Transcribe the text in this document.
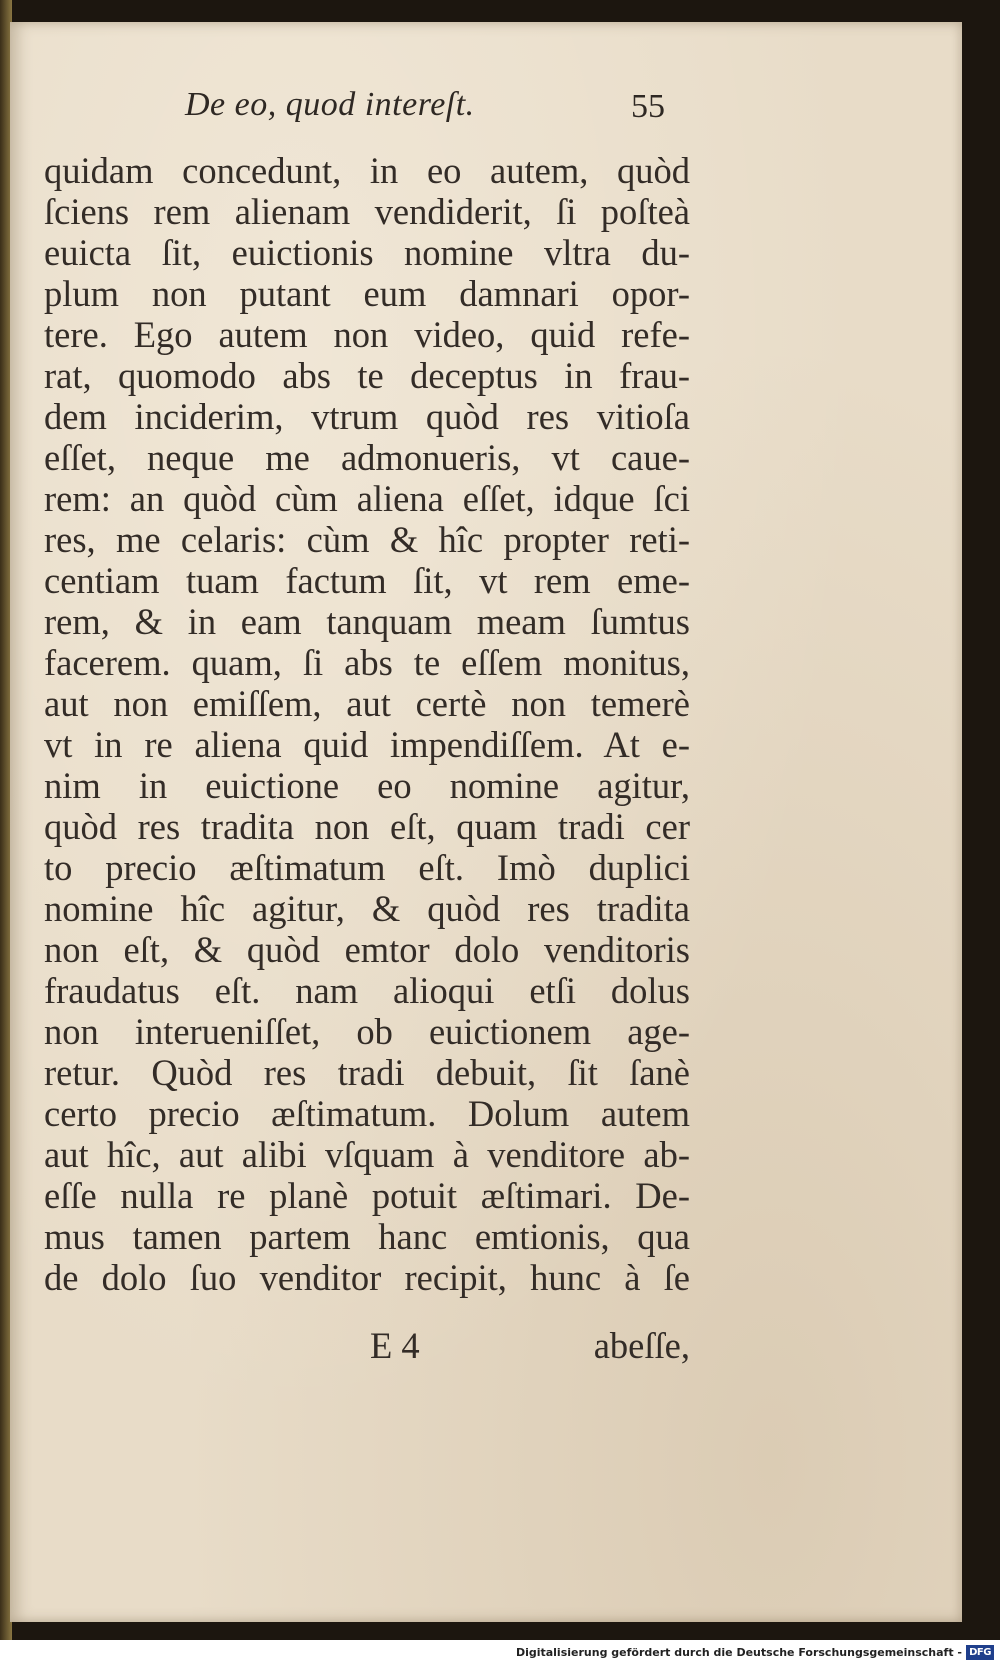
De eo, quod intereſt.	55
quidam concedunt, in eo autem, quòd
ſciens rem alienam vendiderit, ſi poſteà
euicta ſit, euictionis nomine vltra du-
plum non putant eum damnari opor-
tere. Ego autem non video, quid refe-
rat, quomodo abs te deceptus in frau-
dem inciderim, vtrum quòd res vitioſa
eſſet, neque me admonueris, vt caue-
rem: an quòd cùm aliena eſſet, idque ſci
res, me celaris: cùm & hîc propter reti-
centiam tuam factum ſit, vt rem eme-
rem, & in eam tanquam meam ſumtus
facerem. quam, ſi abs te eſſem monitus,
aut non emiſſem, aut certè non temerè
vt in re aliena quid impendiſſem. At e-
nim in euictione eo nomine agitur,
quòd res tradita non eſt, quam tradi cer
to precio æſtimatum eſt. Imò duplici
nomine hîc agitur, & quòd res tradita
non eſt, & quòd emtor dolo venditoris
fraudatus eſt. nam alioqui etſi dolus
non interueniſſet, ob euictionem age-
retur. Quòd res tradi debuit, ſit ſanè
certo precio æſtimatum. Dolum autem
aut hîc, aut alibi vſquam à venditore ab-
eſſe nulla re planè potuit æſtimari. De-
mus tamen partem hanc emtionis, qua
de dolo ſuo venditor recipit, hunc à ſe
E 4	abeſſe,
Digitalisierung gefördert durch die Deutsche Forschungsgemeinschaft - DFG
